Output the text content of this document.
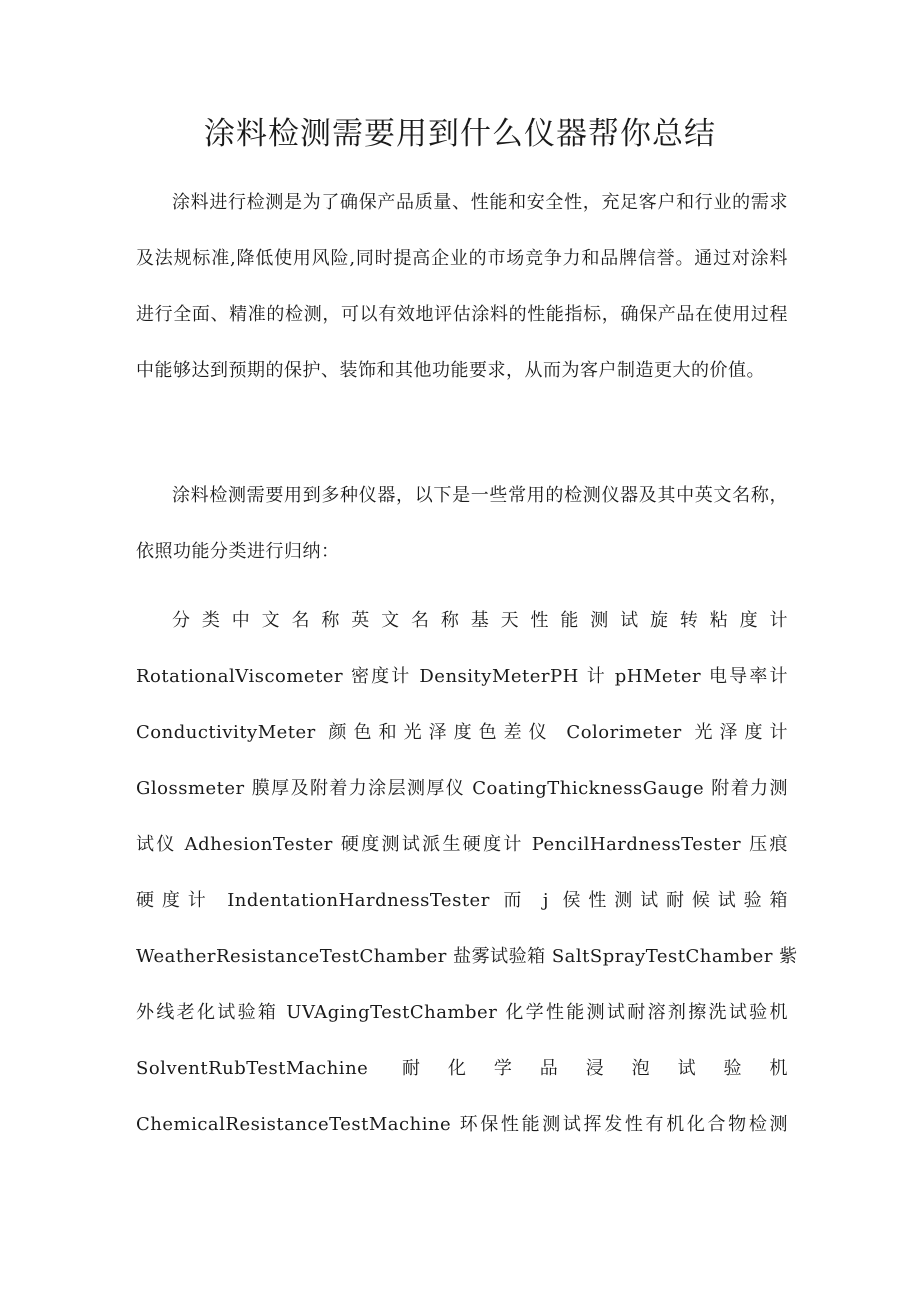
涂料检测需要用到什么仪器帮你总结

涂料进行检测是为了确保产品质量、性能和安全性，充足客户和行业的需求及法规标准,降低使用风险,同时提高企业的市场竞争力和品牌信誉。通过对涂料进行全面、精准的检测，可以有效地评估涂料的性能指标，确保产品在使用过程中能够达到预期的保护、装饰和其他功能要求，从而为客户制造更大的价值。

涂料检测需要用到多种仪器，以下是一些常用的检测仪器及其中英文名称，依照功能分类进行归纳：

分类中文名称英文名称基天性能测试旋转粘度计
RotationalViscometer 密度计 DensityMeterPH 计 pHMeter 电导率计
ConductivityMeter 颜色和光泽度色差仪 Colorimeter 光泽度计
Glossmeter 膜厚及附着力涂层测厚仪 CoatingThicknessGauge 附着力测
试仪 AdhesionTester 硬度测试派生硬度计 PencilHardnessTester 压痕
硬度计 IndentationHardnessTester 而 j 侯性测试耐候试验箱
WeatherResistanceTestChamber 盐雾试验箱 SaltSprayTestChamber 紫
外线老化试验箱 UVAgingTestChamber 化学性能测试耐溶剂擦洗试验机
SolventRubTestMachine 耐化学品浸泡试验机
ChemicalResistanceTestMachine 环保性能测试挥发性有机化合物检测
